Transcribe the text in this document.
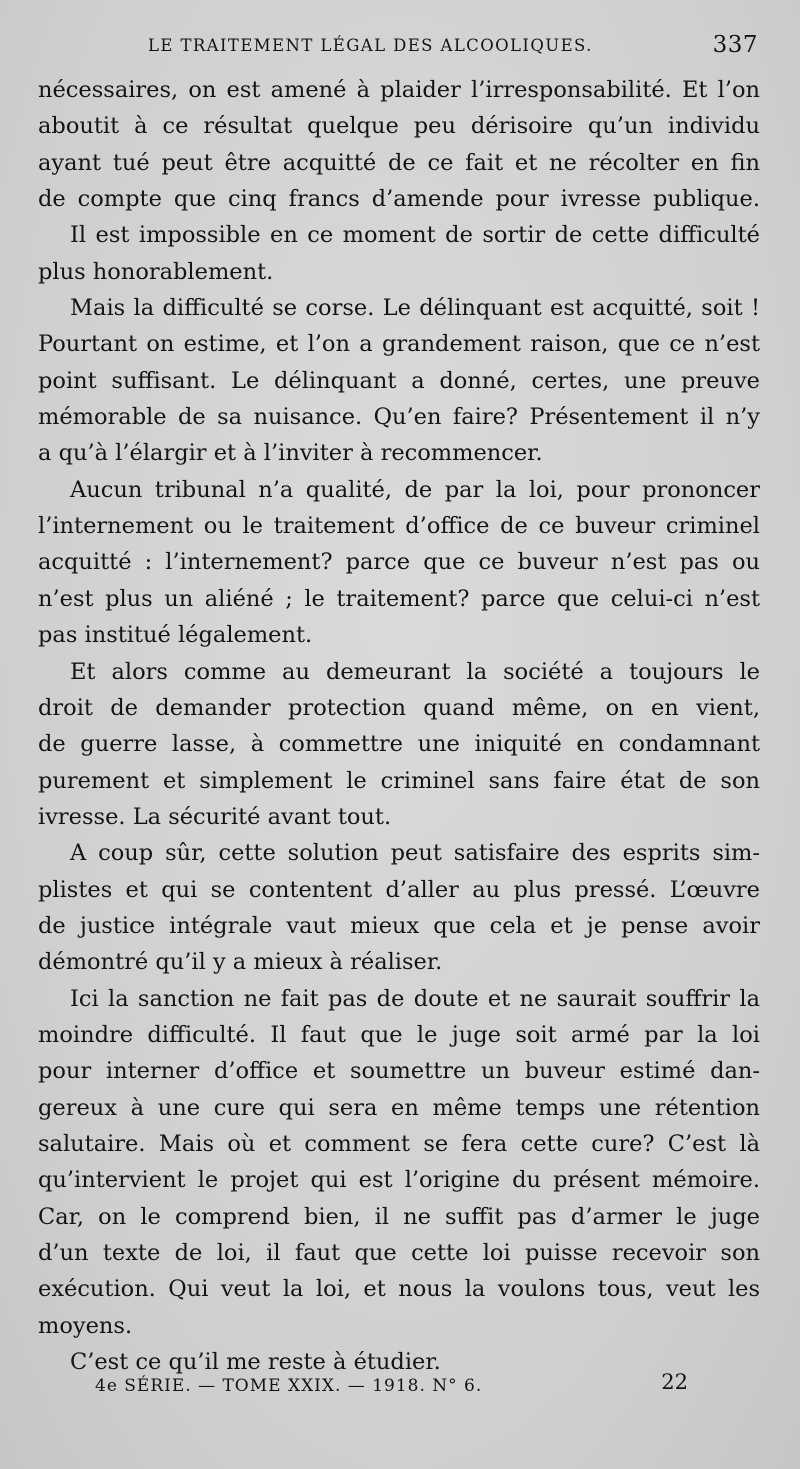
LE TRAITEMENT LÉGAL DES ALCOOLIQUES.	337
nécessaires, on est amené à plaider l’irresponsabilité. Et l’on
aboutit à ce résultat quelque peu dérisoire qu’un individu
ayant tué peut être acquitté de ce fait et ne récolter en fin
de compte que cinq francs d’amende pour ivresse publique.
Il est impossible en ce moment de sortir de cette difficulté
plus honorablement.
Mais la difficulté se corse. Le délinquant est acquitté, soit !
Pourtant on estime, et l’on a grandement raison, que ce n’est
point suffisant. Le délinquant a donné, certes, une preuve
mémorable de sa nuisance. Qu’en faire? Présentement il n’y
a qu’à l’élargir et à l’inviter à recommencer.
Aucun tribunal n’a qualité, de par la loi, pour prononcer
l’internement ou le traitement d’office de ce buveur criminel
acquitté : l’internement? parce que ce buveur n’est pas ou
n’est plus un aliéné ; le traitement? parce que celui-ci n’est
pas institué légalement.
Et alors comme au demeurant la société a toujours le
droit de demander protection quand même, on en vient,
de guerre lasse, à commettre une iniquité en condamnant
purement et simplement le criminel sans faire état de son
ivresse. La sécurité avant tout.
A coup sûr, cette solution peut satisfaire des esprits sim-
plistes et qui se contentent d’aller au plus pressé. L’œuvre
de justice intégrale vaut mieux que cela et je pense avoir
démontré qu’il y a mieux à réaliser.
Ici la sanction ne fait pas de doute et ne saurait souffrir la
moindre difficulté. Il faut que le juge soit armé par la loi
pour interner d’office et soumettre un buveur estimé dan-
gereux à une cure qui sera en même temps une rétention
salutaire. Mais où et comment se fera cette cure? C’est là
qu’intervient le projet qui est l’origine du présent mémoire.
Car, on le comprend bien, il ne suffit pas d’armer le juge
d’un texte de loi, il faut que cette loi puisse recevoir son
exécution. Qui veut la loi, et nous la voulons tous, veut les
moyens.
C’est ce qu’il me reste à étudier.
4e SÉRIE. — TOME XXIX. — 1918. N° 6.	22
